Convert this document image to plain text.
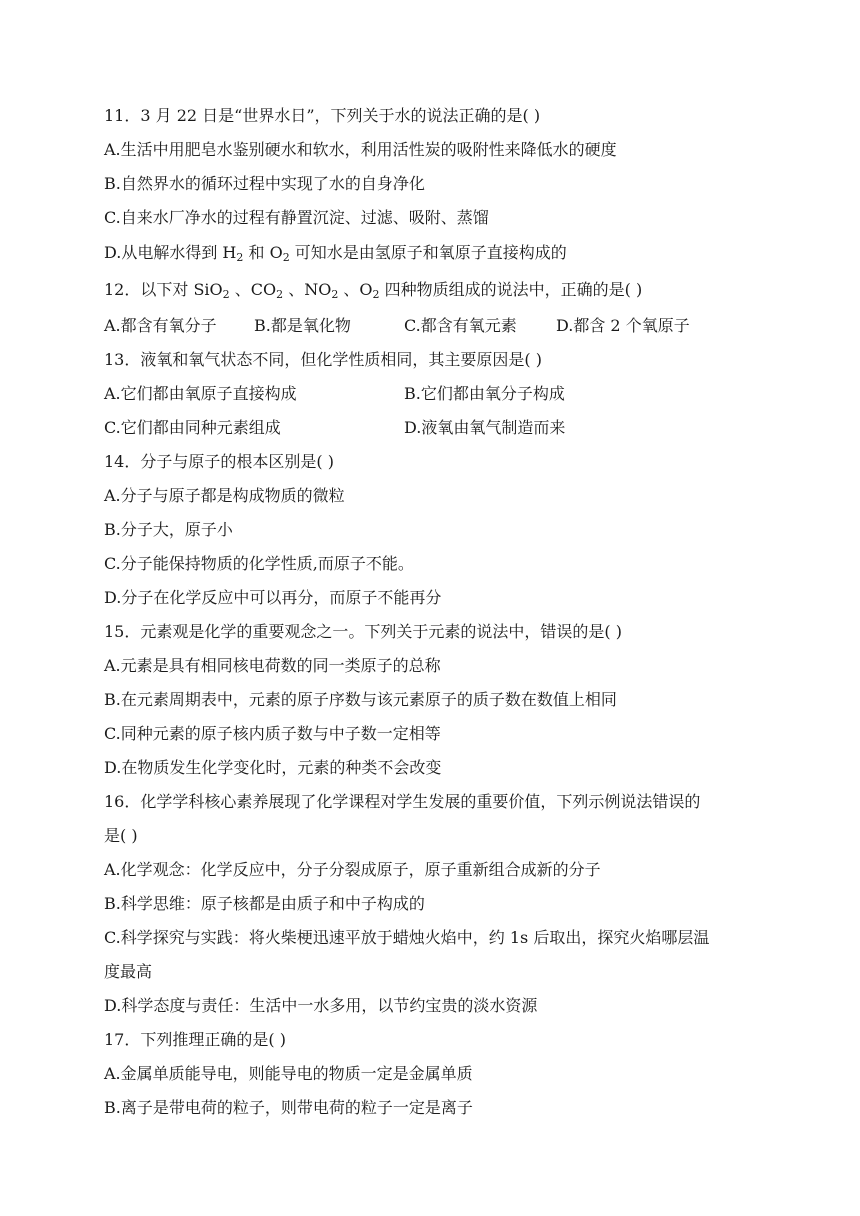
11．3 月 22 日是“世界水日”，下列关于水的说法正确的是( )
A.生活中用肥皂水鉴别硬水和软水，利用活性炭的吸附性来降低水的硬度
B.自然界水的循环过程中实现了水的自身净化
C.自来水厂净水的过程有静置沉淀、过滤、吸附、蒸馏
D.从电解水得到 $H_2$ 和 $O_2$ 可知水是由氢原子和氧原子直接构成的
12．以下对 SiO$_2$ 、$CO_2$ 、$NO_2$ 、$O_2$ 四种物质组成的说法中，正确的是( )
A.都含有氧分子 B.都是氧化物	C.都含有氧元素 D.都含 2 个氧原子
13．液氧和氧气状态不同，但化学性质相同，其主要原因是( )
A.它们都由氧原子直接构成	B.它们都由氧分子构成
C.它们都由同种元素组成	D.液氧由氧气制造而来
14．分子与原子的根本区别是( )
A.分子与原子都是构成物质的微粒
B.分子大，原子小
C.分子能保持物质的化学性质,而原子不能。
D.分子在化学反应中可以再分，而原子不能再分
15．元素观是化学的重要观念之一。下列关于元素的说法中，错误的是( )
A.元素是具有相同核电荷数的同一类原子的总称
B.在元素周期表中，元素的原子序数与该元素原子的质子数在数值上相同
C.同种元素的原子核内质子数与中子数一定相等
D.在物质发生化学变化时，元素的种类不会改变
16．化学学科核心素养展现了化学课程对学生发展的重要价值，下列示例说法错误的
是( )
A.化学观念：化学反应中，分子分裂成原子，原子重新组合成新的分子
B.科学思维：原子核都是由质子和中子构成的
C.科学探究与实践：将火柴梗迅速平放于蜡烛火焰中，约 1s 后取出，探究火焰哪层温
度最高
D.科学态度与责任：生活中一水多用，以节约宝贵的淡水资源
17．下列推理正确的是( )
A.金属单质能导电，则能导电的物质一定是金属单质
B.离子是带电荷的粒子，则带电荷的粒子一定是离子
